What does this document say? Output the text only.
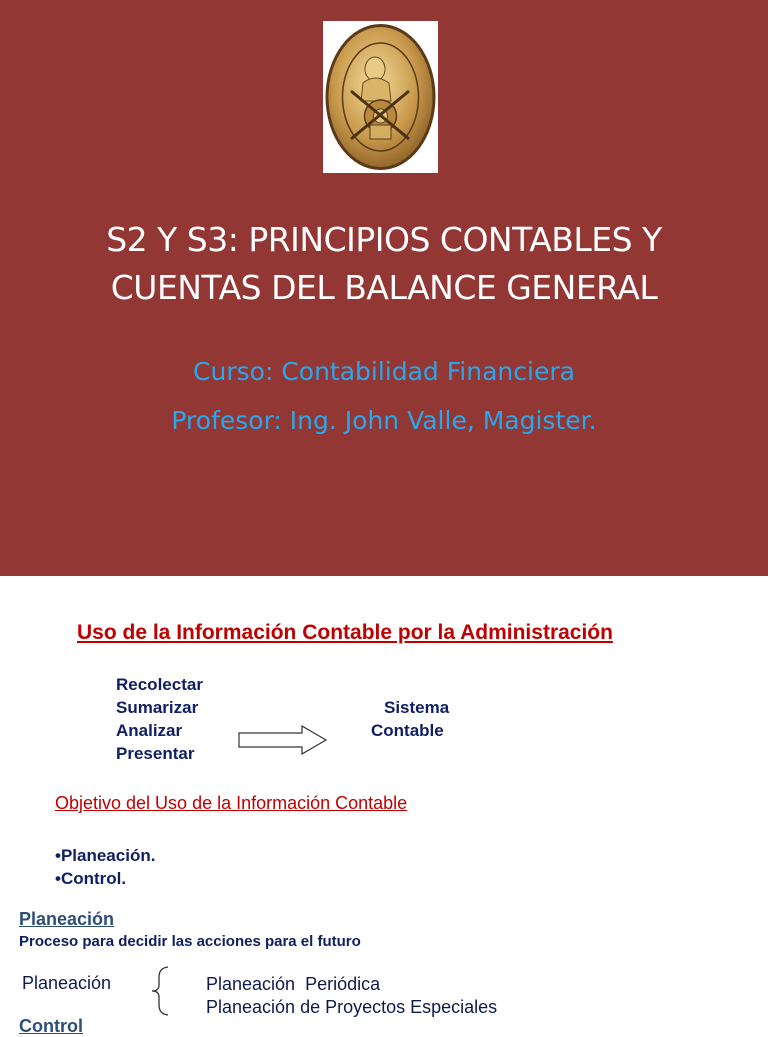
S2 Y S3: PRINCIPIOS CONTABLES Y
CUENTAS DEL BALANCE GENERAL
Curso: Contabilidad Financiera
Profesor: Ing. John Valle, Magister.
Uso de la Información Contable por la Administración
Recolectar
Sumarizar
Analizar
Presentar
Sistema
Contable
Objetivo del Uso de la Información Contable
•Planeación.
•Control.
Planeación
Proceso para decidir las acciones para el futuro
Planeación	Planeación  Periódica
Planeación de Proyectos Especiales
Control
